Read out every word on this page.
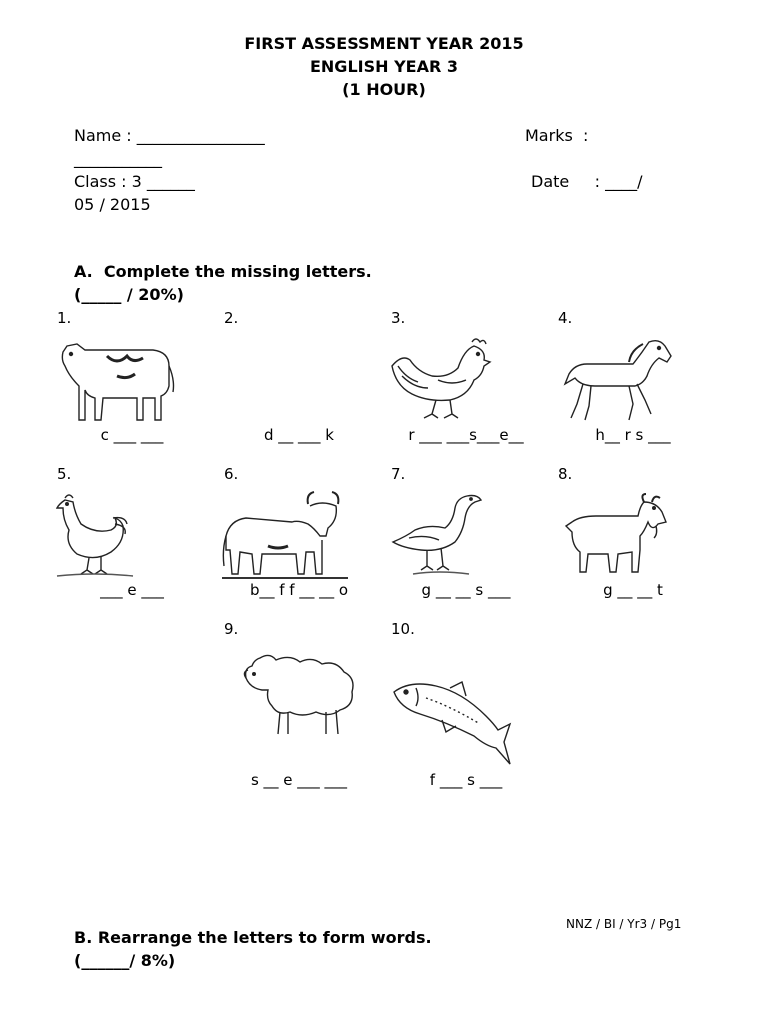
FIRST ASSESSMENT YEAR 2015
ENGLISH YEAR 3
(1 HOUR)
Name : ________________	Marks  :
___________
Class : 3 ______	Date     : ____/
05 / 2015
A.  Complete the missing letters.
(_____ / 20%)
1.	2.	3.	4.
c ___ ___	d __ ___ k	r ___ ___s___e__	h__ r s ___
5.	6.	7.	8.
___ e ___	b__ f f __ __ o	g __ __ s ___	g __ __ t
9.	10.
s __ e ___ ___	f ___ s ___
NNZ / BI / Yr3 / Pg1
B. Rearrange the letters to form words.
(______/ 8%)
